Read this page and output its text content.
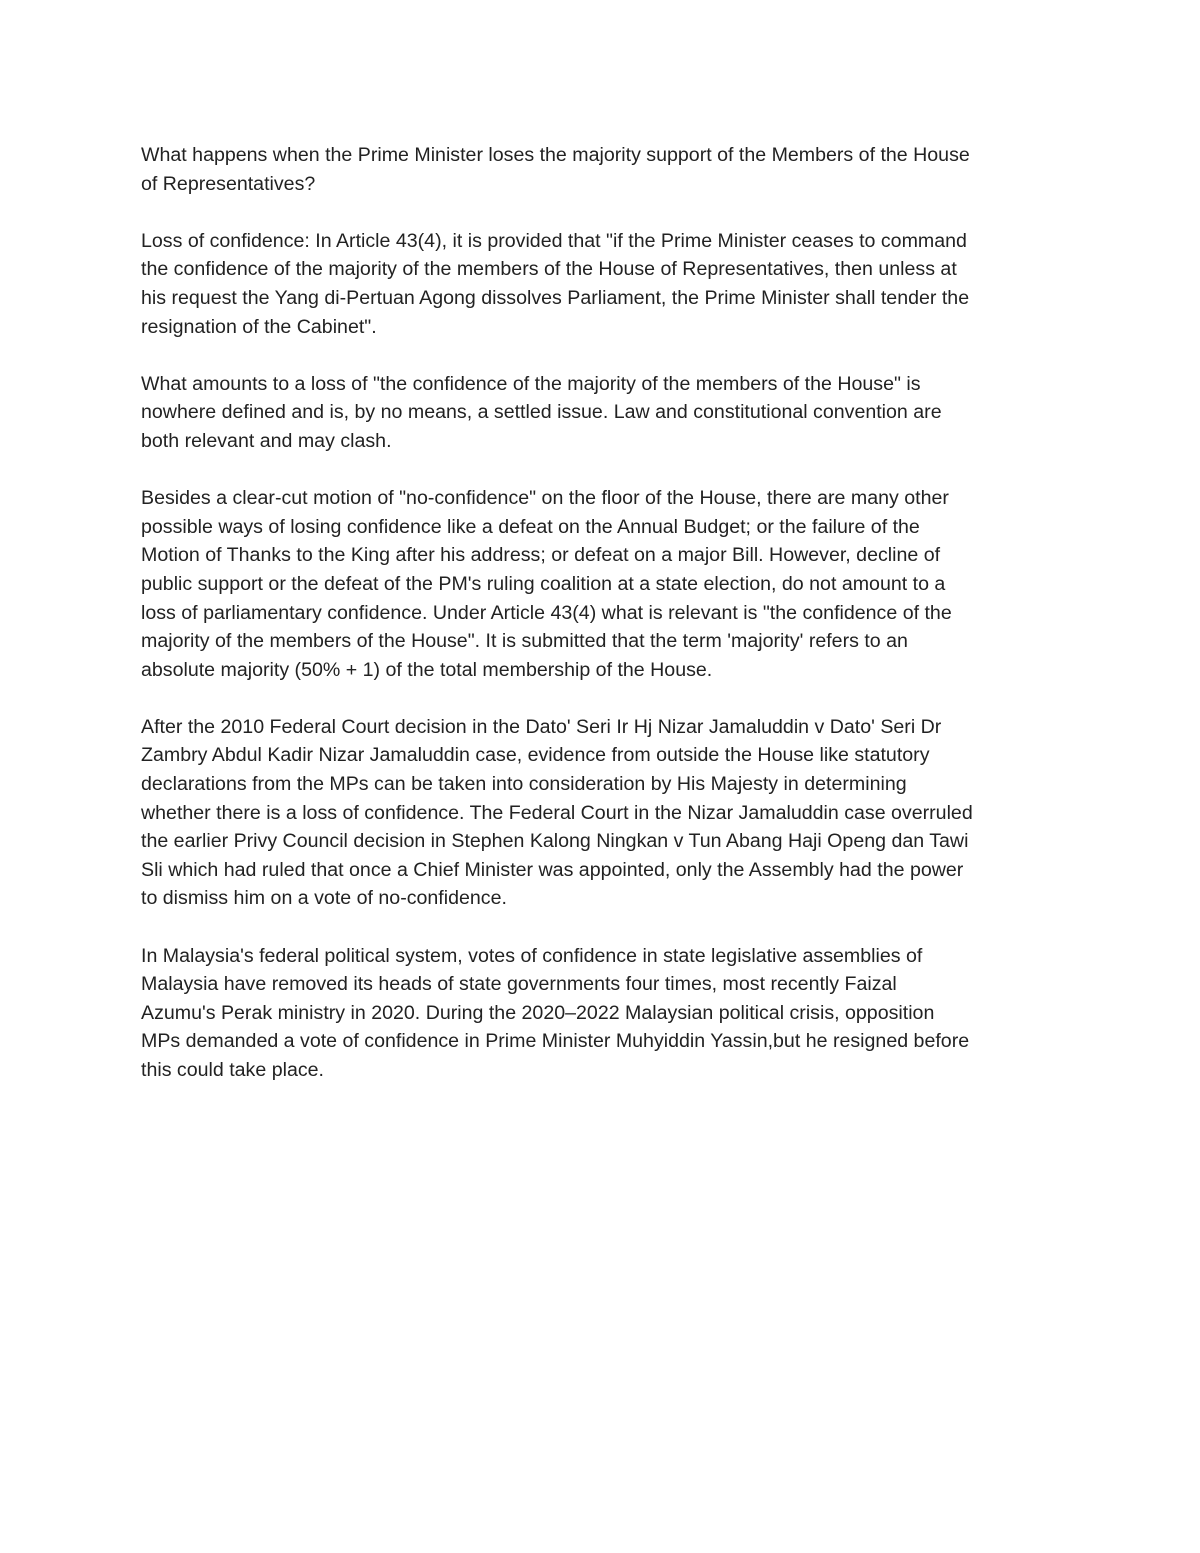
What happens when the Prime Minister loses the majority support of the Members of the House
of Representatives?

Loss of confidence: In Article 43(4), it is provided that "if the Prime Minister ceases to command
the confidence of the majority of the members of the House of Representatives, then unless at
his request the Yang di-Pertuan Agong dissolves Parliament, the Prime Minister shall tender the
resignation of the Cabinet".

What amounts to a loss of "the confidence of the majority of the members of the House" is
nowhere defined and is, by no means, a settled issue. Law and constitutional convention are
both relevant and may clash.

Besides a clear-cut motion of "no-confidence" on the floor of the House, there are many other
possible ways of losing confidence like a defeat on the Annual Budget; or the failure of the
Motion of Thanks to the King after his address; or defeat on a major Bill. However, decline of
public support or the defeat of the PM's ruling coalition at a state election, do not amount to a
loss of parliamentary confidence. Under Article 43(4) what is relevant is "the confidence of the
majority of the members of the House". It is submitted that the term 'majority' refers to an
absolute majority (50% + 1) of the total membership of the House.

After the 2010 Federal Court decision in the Dato' Seri Ir Hj Nizar Jamaluddin v Dato' Seri Dr
Zambry Abdul Kadir Nizar Jamaluddin case, evidence from outside the House like statutory
declarations from the MPs can be taken into consideration by His Majesty in determining
whether there is a loss of confidence. The Federal Court in the Nizar Jamaluddin case overruled
the earlier Privy Council decision in Stephen Kalong Ningkan v Tun Abang Haji Openg dan Tawi
Sli which had ruled that once a Chief Minister was appointed, only the Assembly had the power
to dismiss him on a vote of no-confidence.

In Malaysia's federal political system, votes of confidence in state legislative assemblies of
Malaysia have removed its heads of state governments four times, most recently Faizal
Azumu's Perak ministry in 2020. During the 2020–2022 Malaysian political crisis, opposition
MPs demanded a vote of confidence in Prime Minister Muhyiddin Yassin,but he resigned before
this could take place.
